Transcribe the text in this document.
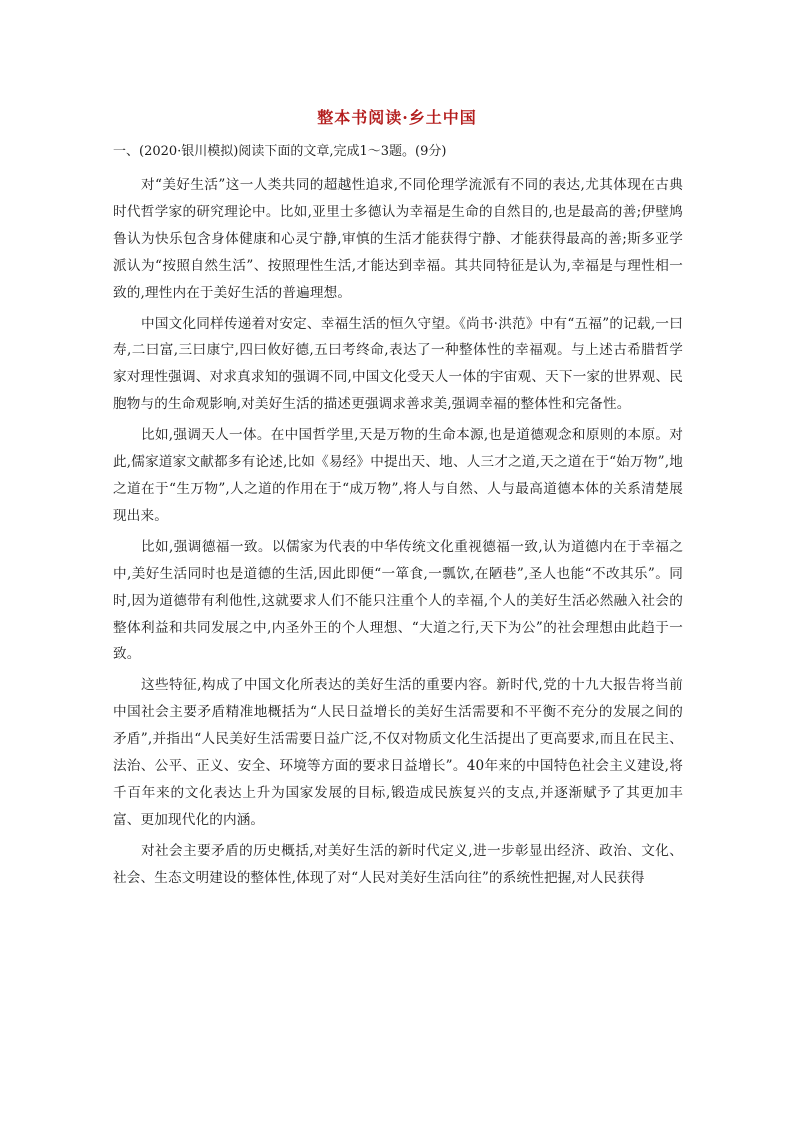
整本书阅读·乡土中国
一、(2020·银川模拟)阅读下面的文章,完成1～3题。(9分)

对“美好生活”这一人类共同的超越性追求,不同伦理学流派有不同的表达,尤其体现在古典时代哲学家的研究理论中。比如,亚里士多德认为幸福是生命的自然目的,也是最高的善;伊壁鸠鲁认为快乐包含身体健康和心灵宁静,审慎的生活才能获得宁静、才能获得最高的善;斯多亚学派认为“按照自然生活”、按照理性生活,才能达到幸福。其共同特征是认为,幸福是与理性相一致的,理性内在于美好生活的普遍理想。

中国文化同样传递着对安定、幸福生活的恒久守望。《尚书·洪范》中有“五福”的记载,一曰寿,二曰富,三曰康宁,四曰攸好德,五曰考终命,表达了一种整体性的幸福观。与上述古希腊哲学家对理性强调、对求真求知的强调不同,中国文化受天人一体的宇宙观、天下一家的世界观、民胞物与的生命观影响,对美好生活的描述更强调求善求美,强调幸福的整体性和完备性。

比如,强调天人一体。在中国哲学里,天是万物的生命本源,也是道德观念和原则的本原。对此,儒家道家文献都多有论述,比如《易经》中提出天、地、人三才之道,天之道在于“始万物”,地之道在于“生万物”,人之道的作用在于“成万物”,将人与自然、人与最高道德本体的关系清楚展现出来。

比如,强调德福一致。以儒家为代表的中华传统文化重视德福一致,认为道德内在于幸福之中,美好生活同时也是道德的生活,因此即便“一箪食,一瓢饮,在陋巷”,圣人也能“不改其乐”。同时,因为道德带有利他性,这就要求人们不能只注重个人的幸福,个人的美好生活必然融入社会的整体利益和共同发展之中,内圣外王的个人理想、“大道之行,天下为公”的社会理想由此趋于一致。

这些特征,构成了中国文化所表达的美好生活的重要内容。新时代,党的十九大报告将当前中国社会主要矛盾精准地概括为“人民日益增长的美好生活需要和不平衡不充分的发展之间的矛盾”,并指出“人民美好生活需要日益广泛,不仅对物质文化生活提出了更高要求,而且在民主、法治、公平、正义、安全、环境等方面的要求日益增长”。40年来的中国特色社会主义建设,将千百年来的文化表达上升为国家发展的目标,锻造成民族复兴的支点,并逐渐赋予了其更加丰富、更加现代化的内涵。

对社会主要矛盾的历史概括,对美好生活的新时代定义,进一步彰显出经济、政治、文化、社会、生态文明建设的整体性,体现了对“人民对美好生活向往”的系统性把握,对人民获得
